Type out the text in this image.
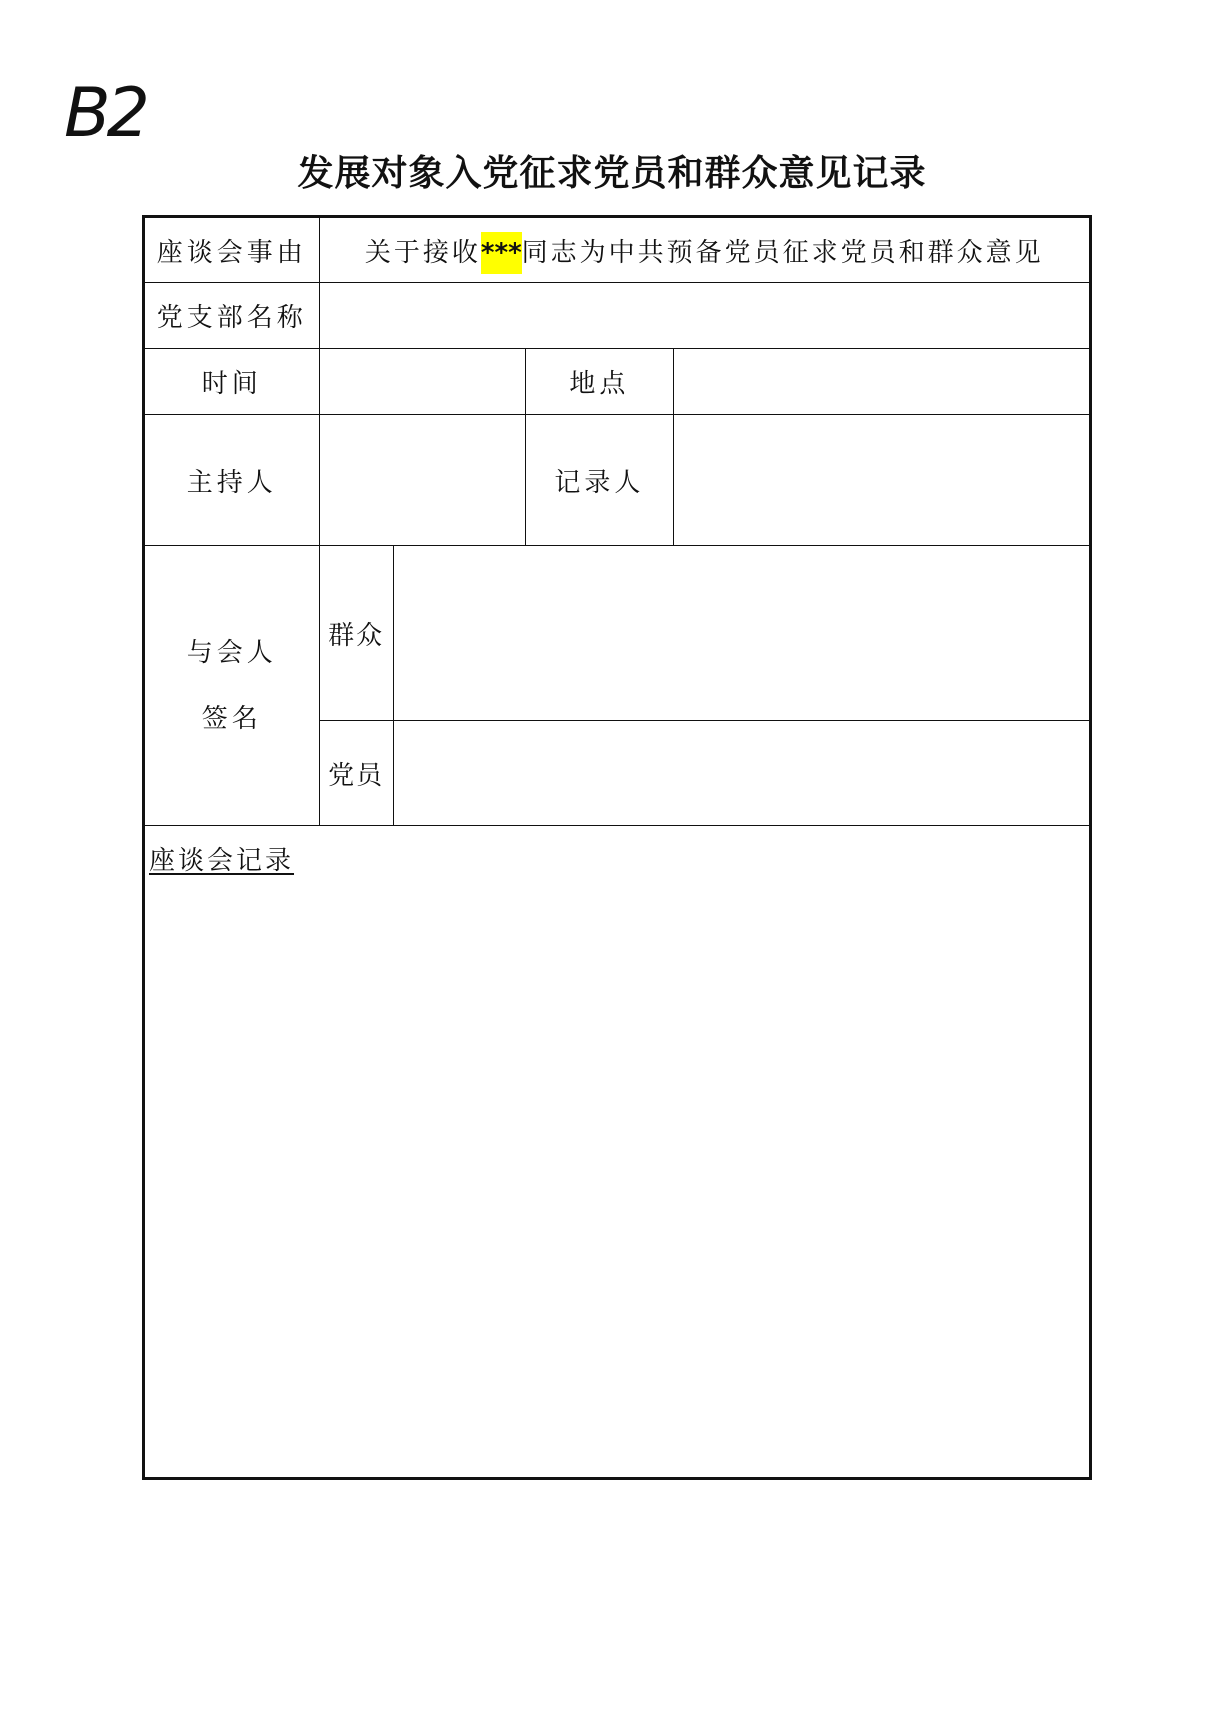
B2
发展对象入党征求党员和群众意见记录
座谈会事由	关于接收***同志为中共预备党员征求党员和群众意见			
党支部名称				
时间			地点	
主持人			记录人	

与会人
签名	群众			
	党员			
座谈会记录				
